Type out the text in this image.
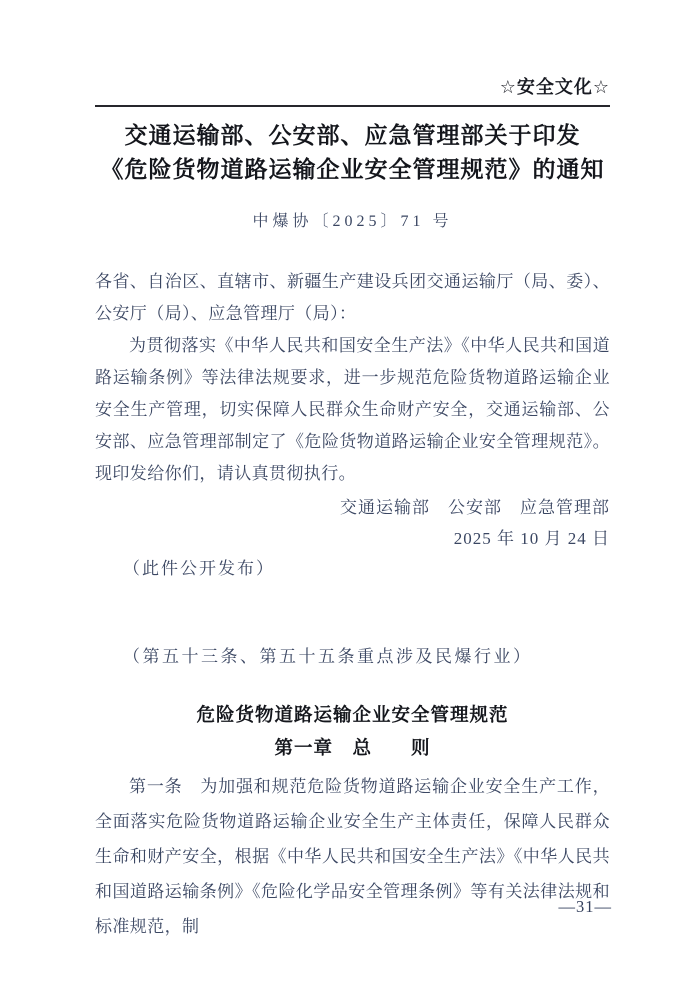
☆安全文化☆
交通运输部、公安部、应急管理部关于印发
《危险货物道路运输企业安全管理规范》的通知
中爆协〔2025〕71 号

各省、自治区、直辖市、新疆生产建设兵团交通运输厅（局、委）、公安厅（局）、应急管理厅（局）：

为贯彻落实《中华人民共和国安全生产法》《中华人民共和国道路运输条例》等法律法规要求，进一步规范危险货物道路运输企业安全生产管理，切实保障人民群众生命财产安全，交通运输部、公安部、应急管理部制定了《危险货物道路运输企业安全管理规范》。现印发给你们，请认真贯彻执行。

交通运输部　公安部　应急管理部
2025 年 10 月 24 日
（此件公开发布）
（第五十三条、第五十五条重点涉及民爆行业）
危险货物道路运输企业安全管理规范
第一章　总　　则

第一条　为加强和规范危险货物道路运输企业安全生产工作，全面落实危险货物道路运输企业安全生产主体责任，保障人民群众生命和财产安全，根据《中华人民共和国安全生产法》《中华人民共和国道路运输条例》《危险化学品安全管理条例》等有关法律法规和标准规范，制

—31—
